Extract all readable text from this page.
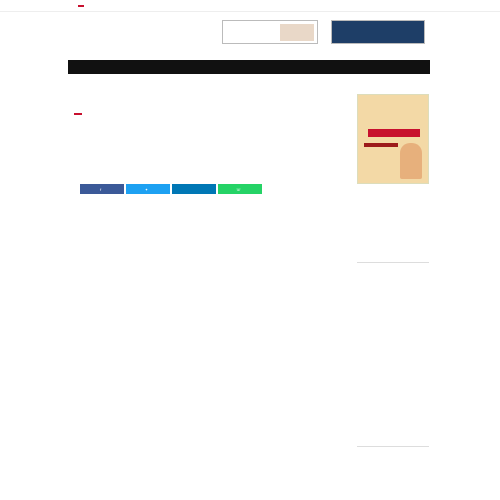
f	✦	☏
